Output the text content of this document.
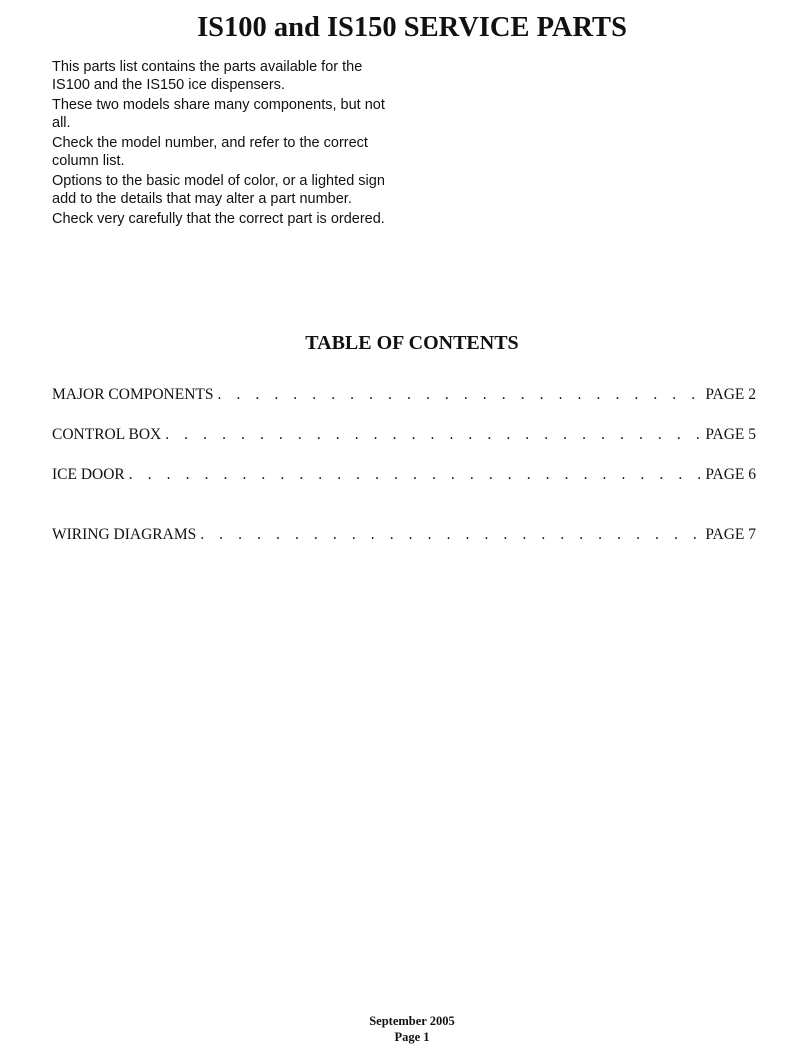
IS100 and IS150 SERVICE PARTS

This parts list contains the parts available for the IS100 and the IS150 ice dispensers.

These two models share many components, but not all.

Check the model number, and refer to the correct column list.

Options to the basic model of color, or a lighted sign add to the details that may alter a part number.

Check very carefully that the correct part is ordered.

TABLE OF CONTENTS
MAJOR COMPONENTS . . .	PAGE 2
CONTROL BOX . . .	PAGE 5
ICE DOOR . . .	PAGE 6
WIRING DIAGRAMS . . .	PAGE 7
September 2005
Page 1
